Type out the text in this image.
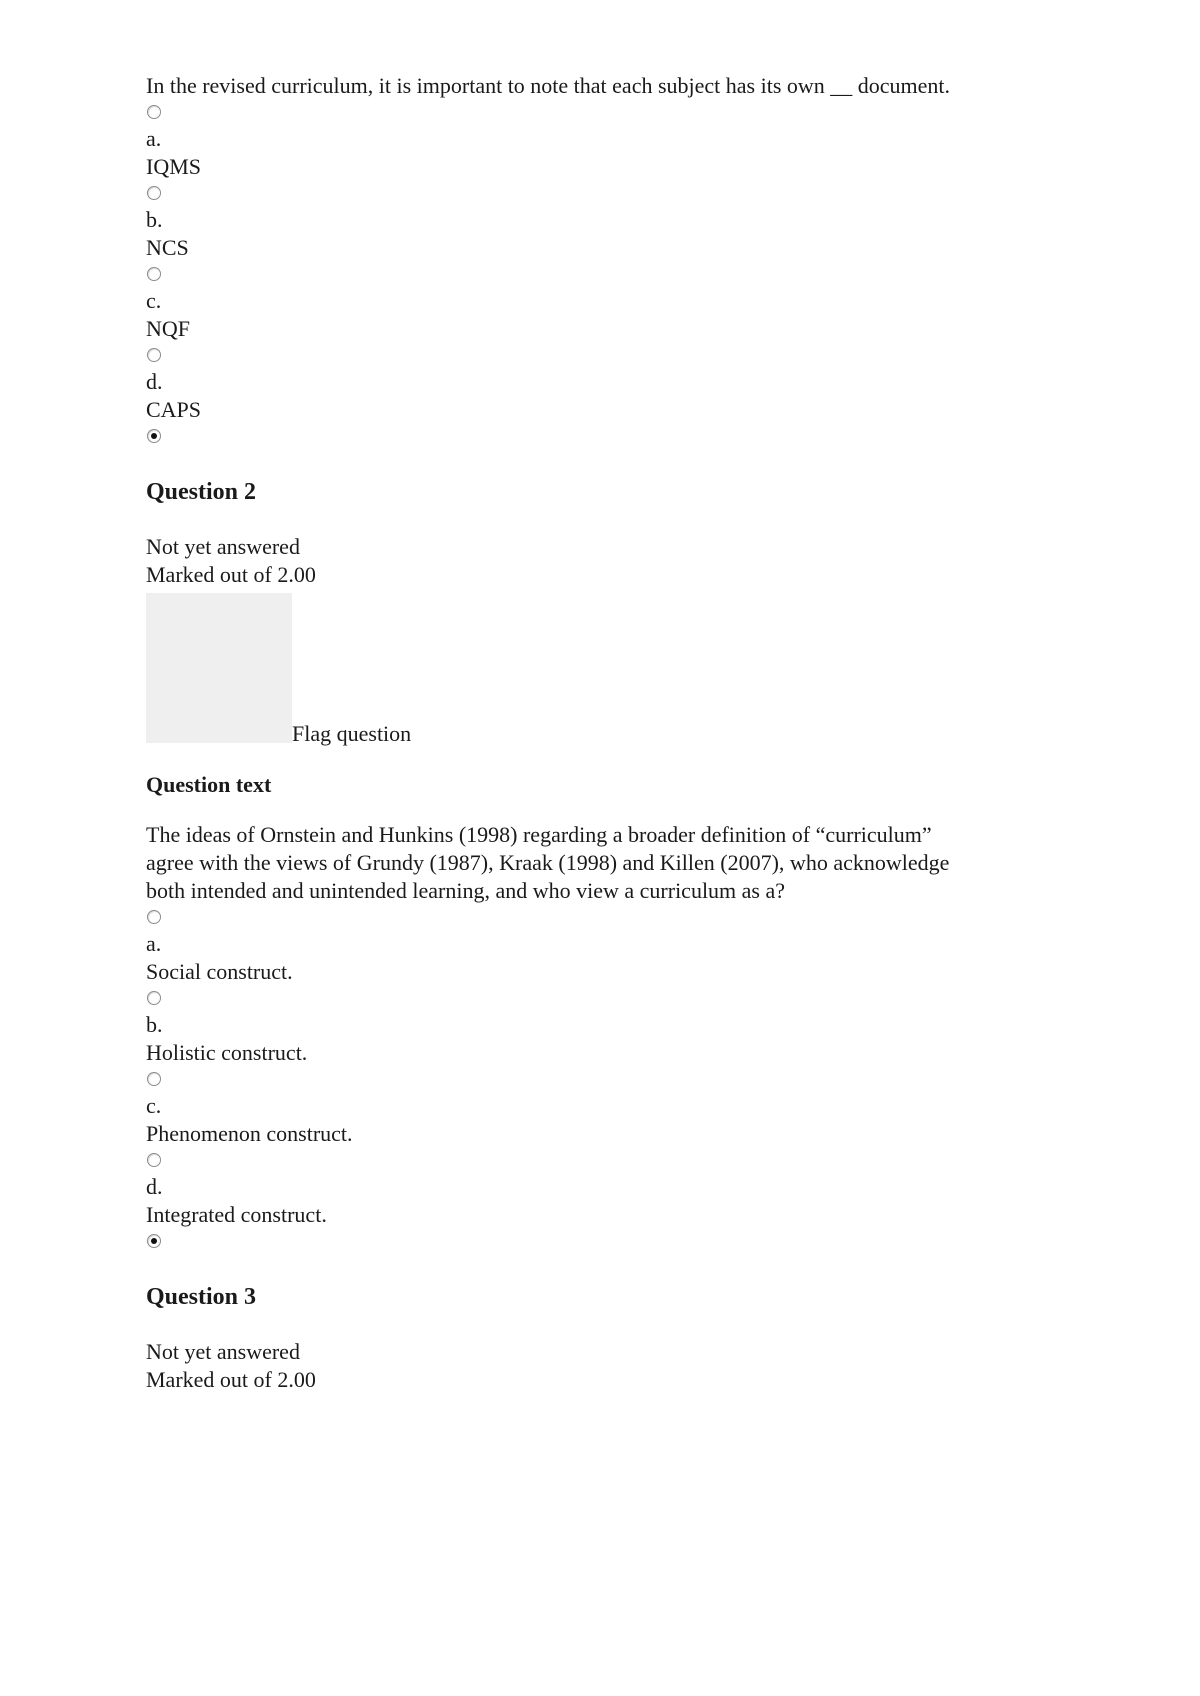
In the revised curriculum, it is important to note that each subject has its own __ document.
a.
IQMS
b.
NCS
c.
NQF
d.
CAPS
Question 2
Not yet answered
Marked out of 2.00
Flag question
Question text
The ideas of Ornstein and Hunkins (1998) regarding a broader definition of “curriculum”
agree with the views of Grundy (1987), Kraak (1998) and Killen (2007), who acknowledge
both intended and unintended learning, and who view a curriculum as a?
a.
Social construct.
b.
Holistic construct.
c.
Phenomenon construct.
d.
Integrated construct.
Question 3
Not yet answered
Marked out of 2.00
